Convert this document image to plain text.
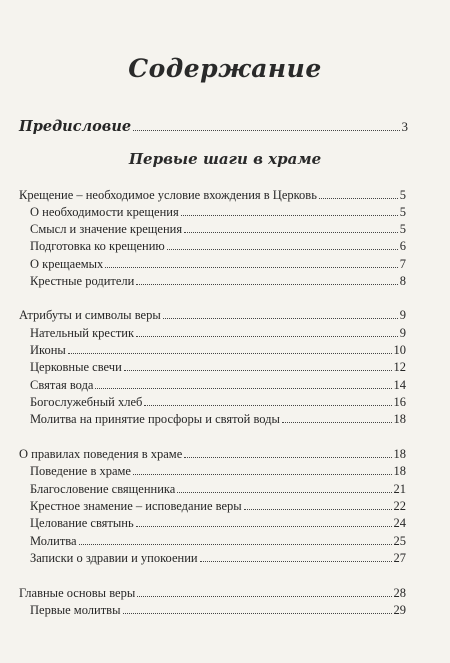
Содержание
Предисловие	3
Первые шаги в храме
Крещение – необходимое условие вхождения в Церковь	5
О необходимости крещения	5
Смысл и значение крещения	5
Подготовка ко крещению	6
О крещаемых	7
Крестные родители	8
Атрибуты и символы веры	9
Нательный крестик	9
Иконы	10
Церковные свечи	12
Святая вода	14
Богослужебный хлеб	16
Молитва на принятие просфоры и святой воды	18
О правилах поведения в храме	18
Поведение в храме	18
Благословение священника	21
Крестное знамение – исповедание веры	22
Целование святынь	24
Молитва	25
Записки о здравии и упокоении	27
Главные основы веры	28
Первые молитвы	29
